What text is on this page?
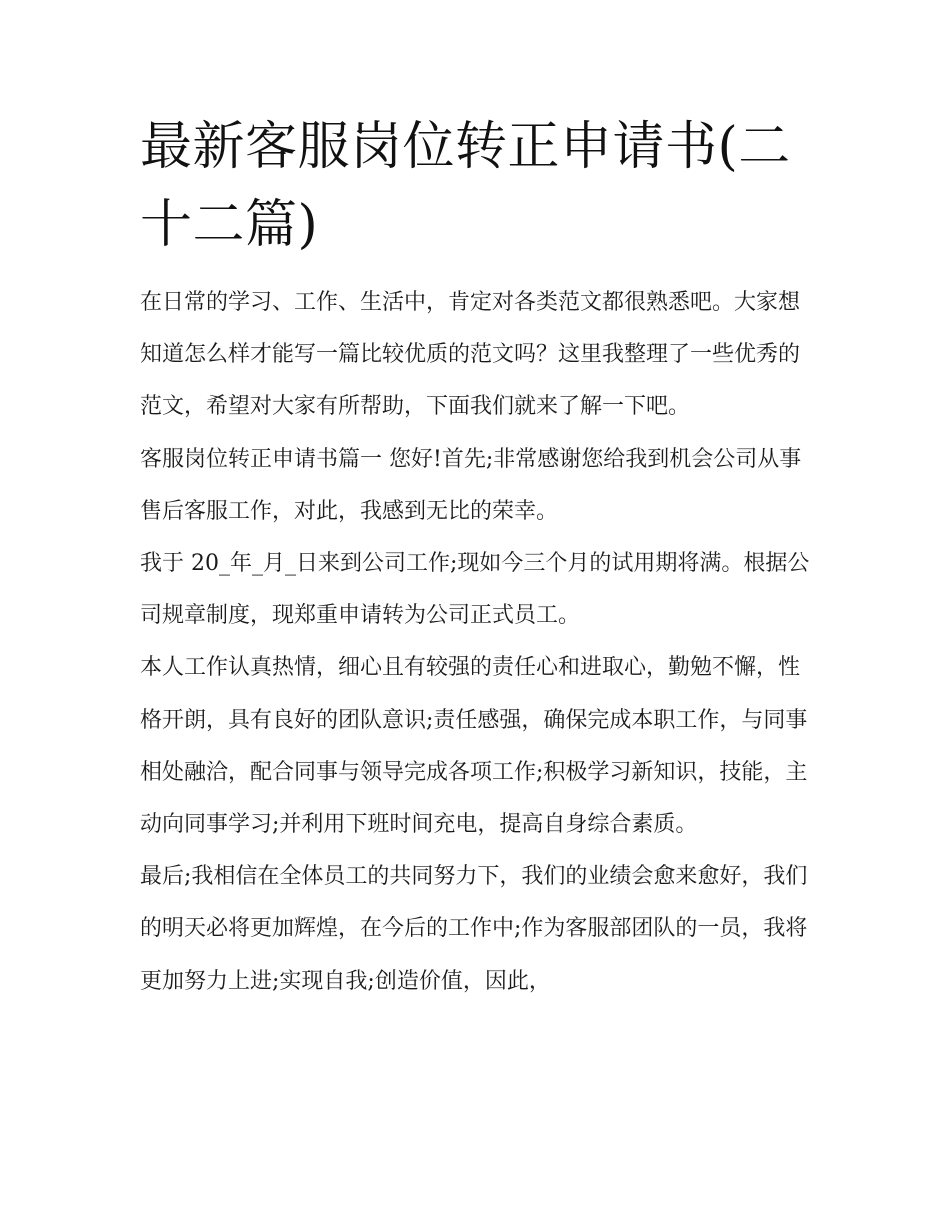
最新客服岗位转正申请书(二十二篇)

在日常的学习、工作、生活中，肯定对各类范文都很熟悉吧。大家想知道怎么样才能写一篇比较优质的范文吗？这里我整理了一些优秀的范文，希望对大家有所帮助，下面我们就来了解一下吧。

客服岗位转正申请书篇一 您好!首先;非常感谢您给我到机会公司从事售后客服工作，对此，我感到无比的荣幸。

我于 20_年_月_日来到公司工作;现如今三个月的试用期将满。根据公司规章制度，现郑重申请转为公司正式员工。

本人工作认真热情，细心且有较强的责任心和进取心，勤勉不懈，性格开朗，具有良好的团队意识;责任感强，确保完成本职工作，与同事相处融洽，配合同事与领导完成各项工作;积极学习新知识，技能，主动向同事学习;并利用下班时间充电，提高自身综合素质。

最后;我相信在全体员工的共同努力下，我们的业绩会愈来愈好，我们的明天必将更加辉煌，在今后的工作中;作为客服部团队的一员，我将更加努力上进;实现自我;创造价值，因此，
